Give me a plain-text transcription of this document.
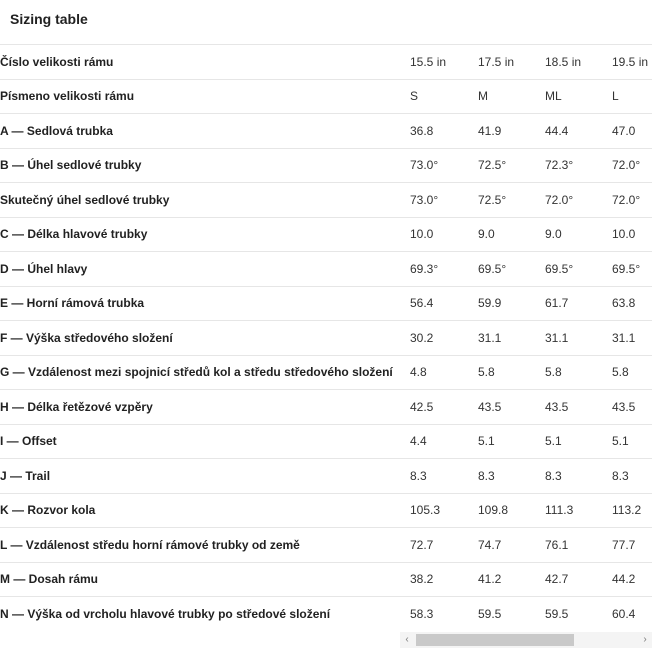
Sizing table
Číslo velikosti rámu	15.5 in	17.5 in	18.5 in	19.5 in
Písmeno velikosti rámu	S	M	ML	L
A — Sedlová trubka	36.8	41.9	44.4	47.0
B — Úhel sedlové trubky	73.0°	72.5°	72.3°	72.0°
Skutečný úhel sedlové trubky	73.0°	72.5°	72.0°	72.0°
C — Délka hlavové trubky	10.0	9.0	9.0	10.0
D — Úhel hlavy	69.3°	69.5°	69.5°	69.5°
E — Horní rámová trubka	56.4	59.9	61.7	63.8
F — Výška středového složení	30.2	31.1	31.1	31.1
G — Vzdálenost mezi spojnicí středů kol a středu středového složení	4.8	5.8	5.8	5.8
H — Délka řetězové vzpěry	42.5	43.5	43.5	43.5
I — Offset	4.4	5.1	5.1	5.1
J — Trail	8.3	8.3	8.3	8.3
K — Rozvor kola	105.3	109.8	111.3	113.2
L — Vzdálenost středu horní rámové trubky od země	72.7	74.7	76.1	77.7
M — Dosah rámu	38.2	41.2	42.7	44.2
N — Výška od vrcholu hlavové trubky po středové složení	58.3	59.5	59.5	60.4
‹	›
